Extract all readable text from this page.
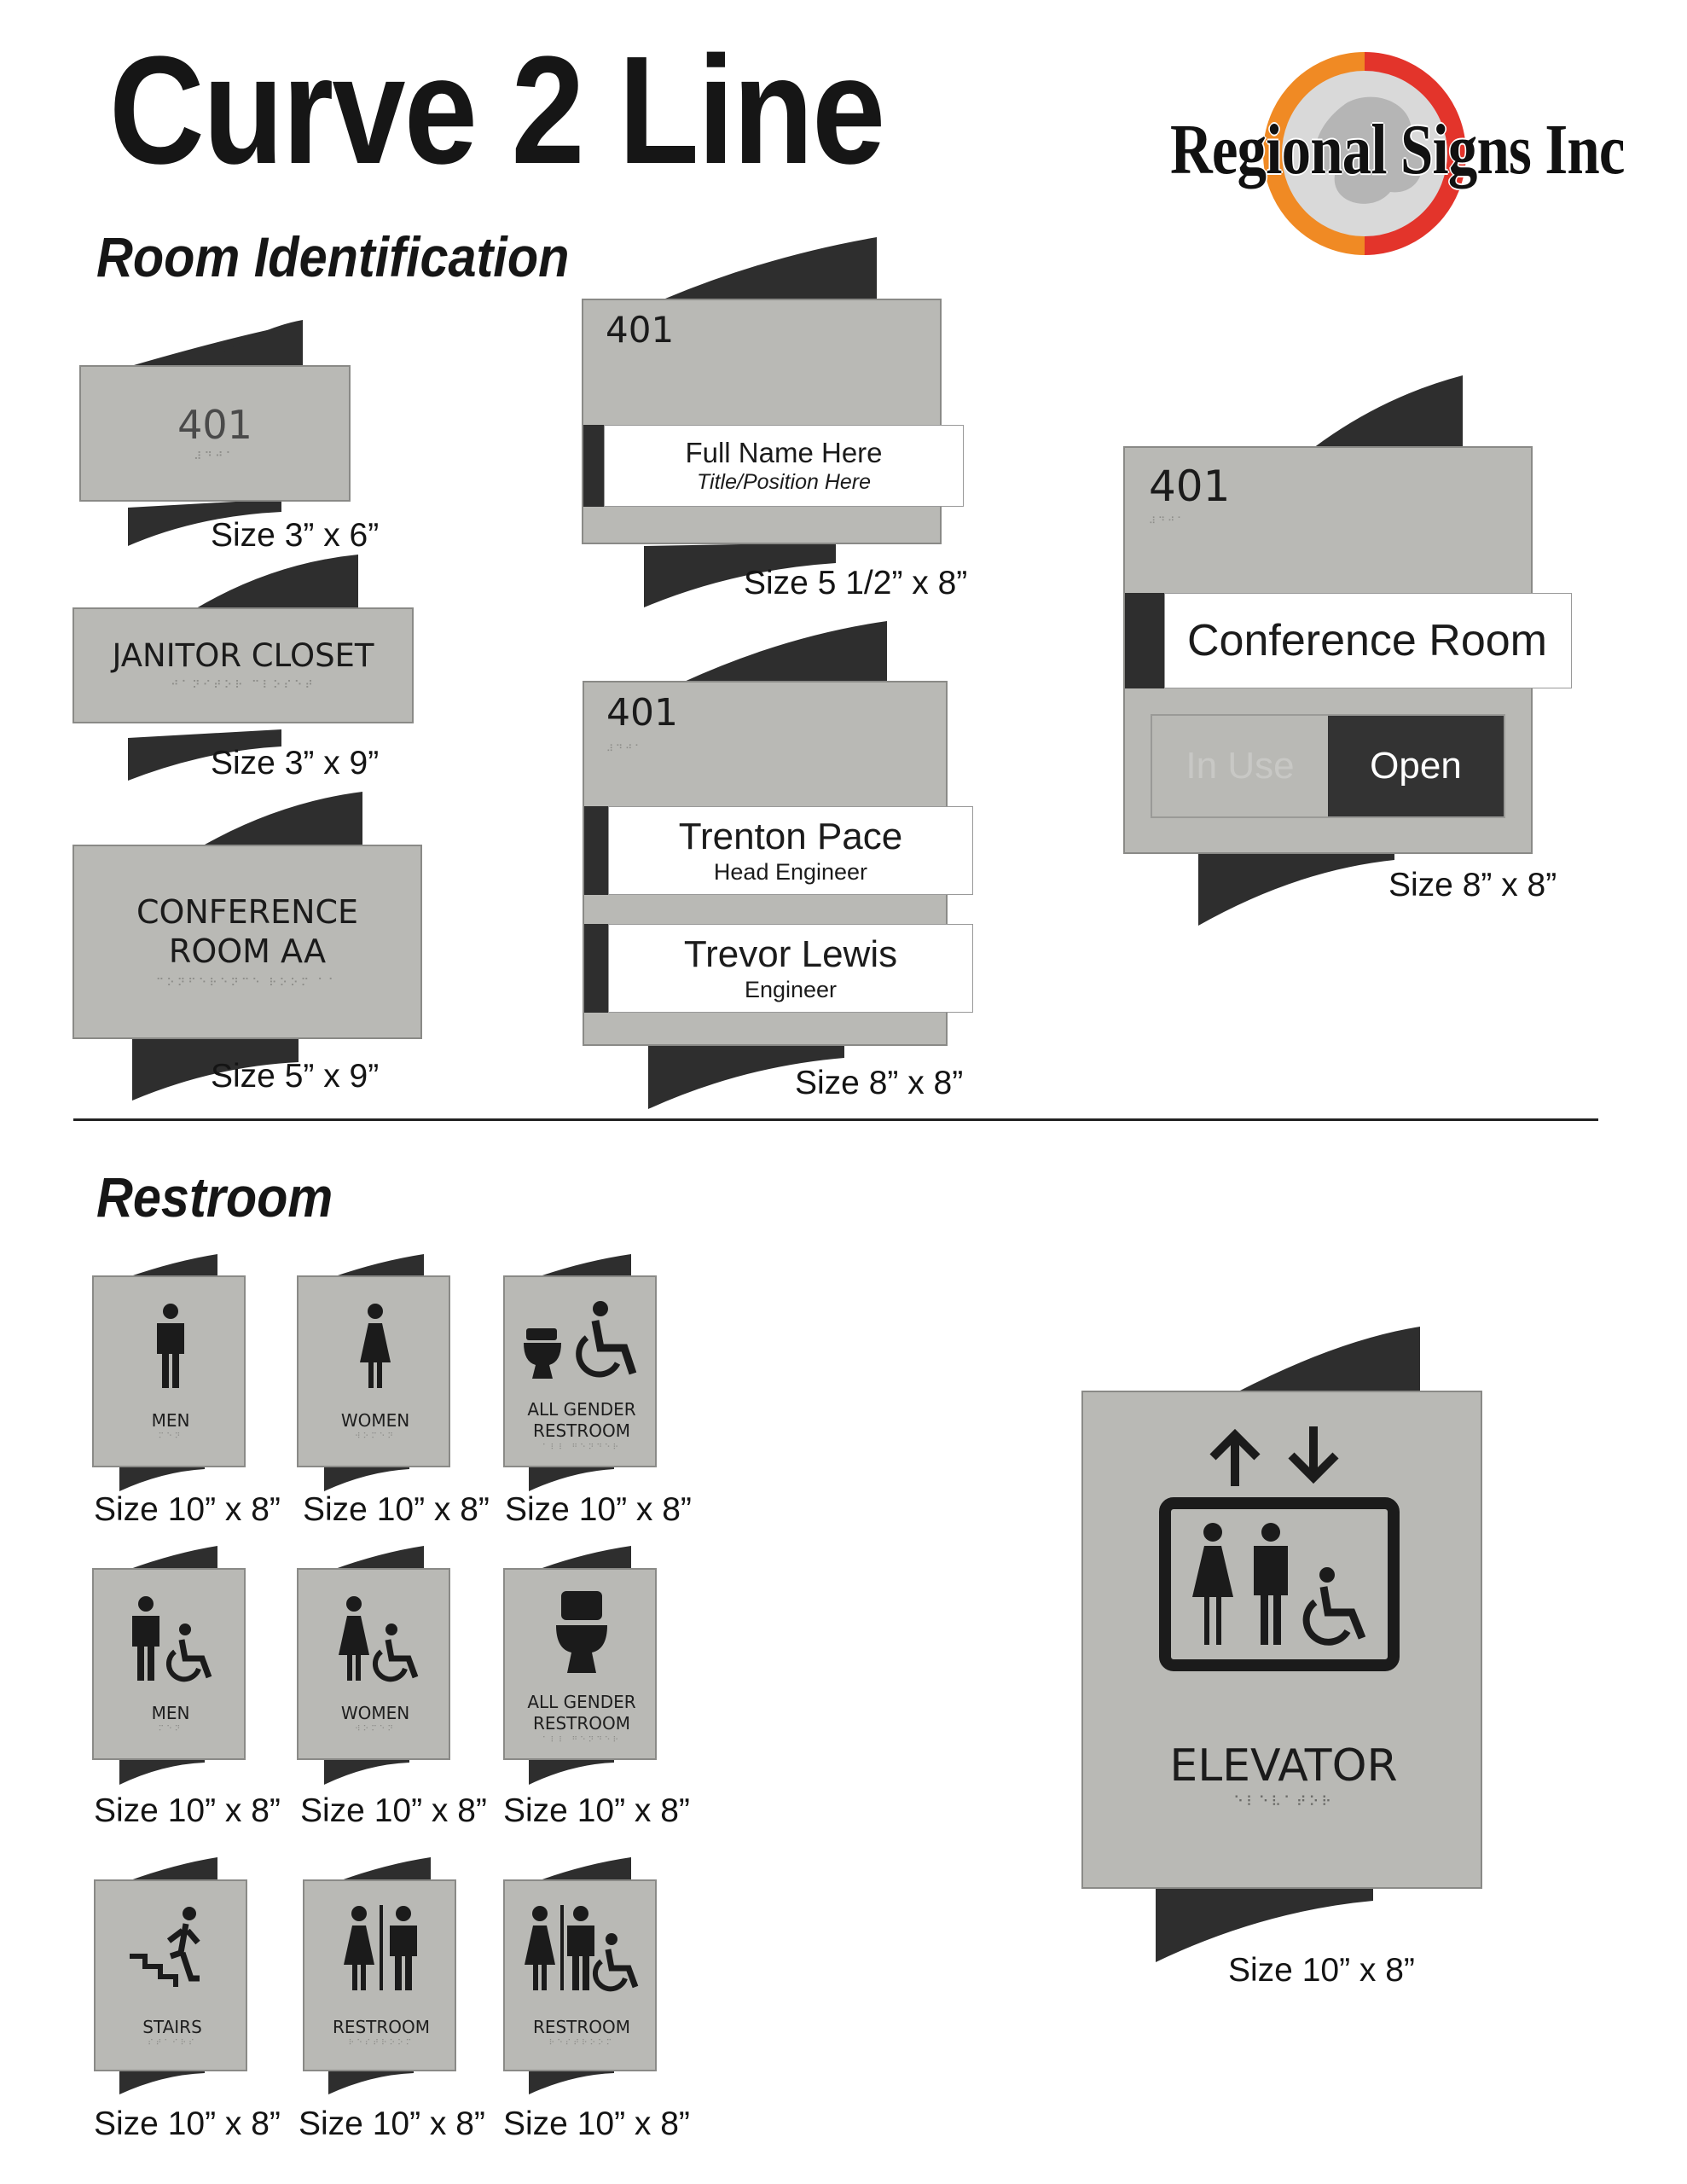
Curve 2 Line	Regional Signs Inc
Room Identification
401
⠼⠙⠚⠁
Size 3” x 6”
JANITOR CLOSET
⠚⠁⠝⠊⠞⠕⠗ ⠉⠇⠕⠎⠑⠞
Size 3” x 9”
CONFERENCE
ROOM AA
⠉⠕⠝⠋⠑⠗⠑⠝⠉⠑ ⠗⠕⠕⠍ ⠁⠁
Size 5” x 9”
401
Full Name Here
Title/Position Here
Size 5 1/2” x 8”
401
⠼⠙⠚⠁
Trenton Pace
Head Engineer
Trevor Lewis
Engineer
Size 8” x 8”
401
⠼⠙⠚⠁
Conference Room
In Use Open
Size 8” x 8”
Restroom
MEN
⠍⠑⠝
Size 10” x 8”
WOMEN
⠺⠕⠍⠑⠝
Size 10” x 8”
ALL GENDER
RESTROOM
⠁⠇⠇ ⠛⠑⠝⠙⠑⠗
Size 10” x 8”
MEN
⠍⠑⠝
Size 10” x 8”
WOMEN
⠺⠕⠍⠑⠝
Size 10” x 8”
ALL GENDER
RESTROOM
⠁⠇⠇ ⠛⠑⠝⠙⠑⠗
Size 10” x 8”
STAIRS
⠎⠞⠁⠊⠗⠎
Size 10” x 8”
RESTROOM
⠗⠑⠎⠞⠗⠕⠕⠍
Size 10” x 8”
RESTROOM
⠗⠑⠎⠞⠗⠕⠕⠍
Size 10” x 8”
ELEVATOR
⠑⠇⠑⠧⠁⠞⠕⠗
Size 10” x 8”
